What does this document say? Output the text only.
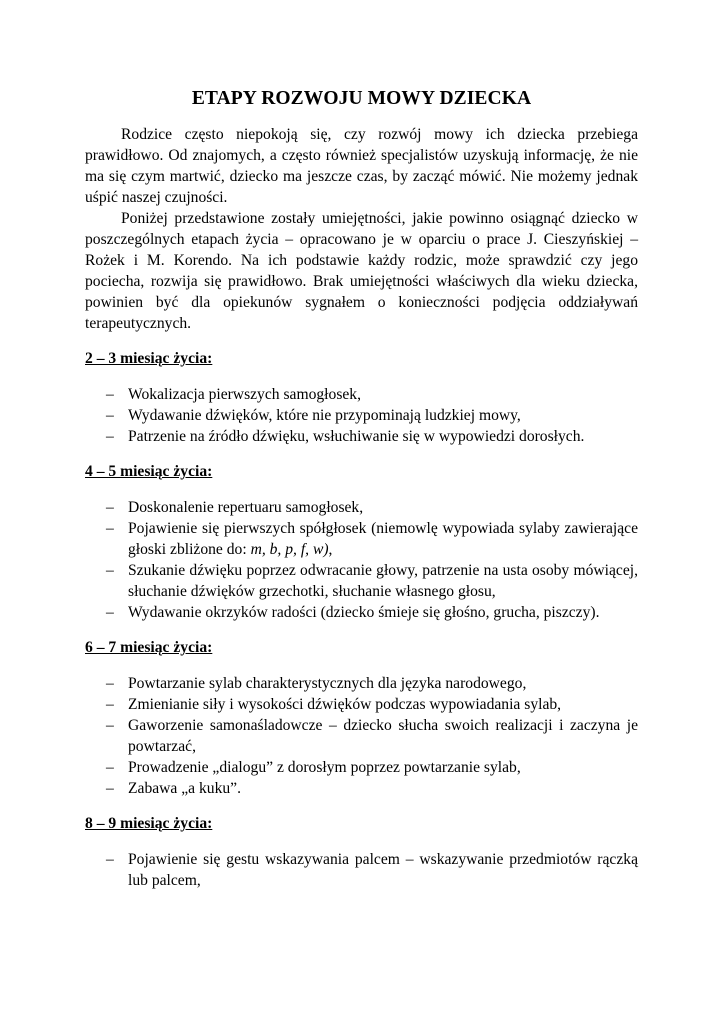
ETAPY ROZWOJU MOWY DZIECKA

Rodzice często niepokoją się, czy rozwój mowy ich dziecka przebiega prawidłowo. Od znajomych, a często również specjalistów uzyskują informację, że nie ma się czym martwić, dziecko ma jeszcze czas, by zacząć mówić. Nie możemy jednak uśpić naszej czujności.

Poniżej przedstawione zostały umiejętności, jakie powinno osiągnąć dziecko w poszczególnych etapach życia – opracowano je w oparciu o prace J. Cieszyńskiej – Rożek i M. Korendo. Na ich podstawie każdy rodzic, może sprawdzić czy jego pociecha, rozwija się prawidłowo. Brak umiejętności właściwych dla wieku dziecka, powinien być dla opiekunów sygnałem o konieczności podjęcia oddziaływań terapeutycznych.

2 – 3 miesiąc życia:
– Wokalizacja pierwszych samogłosek,
– Wydawanie dźwięków, które nie przypominają ludzkiej mowy,
– Patrzenie na źródło dźwięku, wsłuchiwanie się w wypowiedzi dorosłych.
4 – 5 miesiąc życia:
– Doskonalenie repertuaru samogłosek,
– Pojawienie się pierwszych spółgłosek (niemowlę wypowiada sylaby zawierające głoski zbliżone do: m, b, p, f, w),
– Szukanie dźwięku poprzez odwracanie głowy, patrzenie na usta osoby mówiącej, słuchanie dźwięków grzechotki, słuchanie własnego głosu,
– Wydawanie okrzyków radości (dziecko śmieje się głośno, grucha, piszczy).
6 – 7 miesiąc życia:
– Powtarzanie sylab charakterystycznych dla języka narodowego,
– Zmienianie siły i wysokości dźwięków podczas wypowiadania sylab,
– Gaworzenie samonaśladowcze – dziecko słucha swoich realizacji i zaczyna je powtarzać,
– Prowadzenie „dialogu” z dorosłym poprzez powtarzanie sylab,
– Zabawa „a kuku”.
8 – 9 miesiąc życia:
– Pojawienie się gestu wskazywania palcem – wskazywanie przedmiotów rączką lub palcem,
